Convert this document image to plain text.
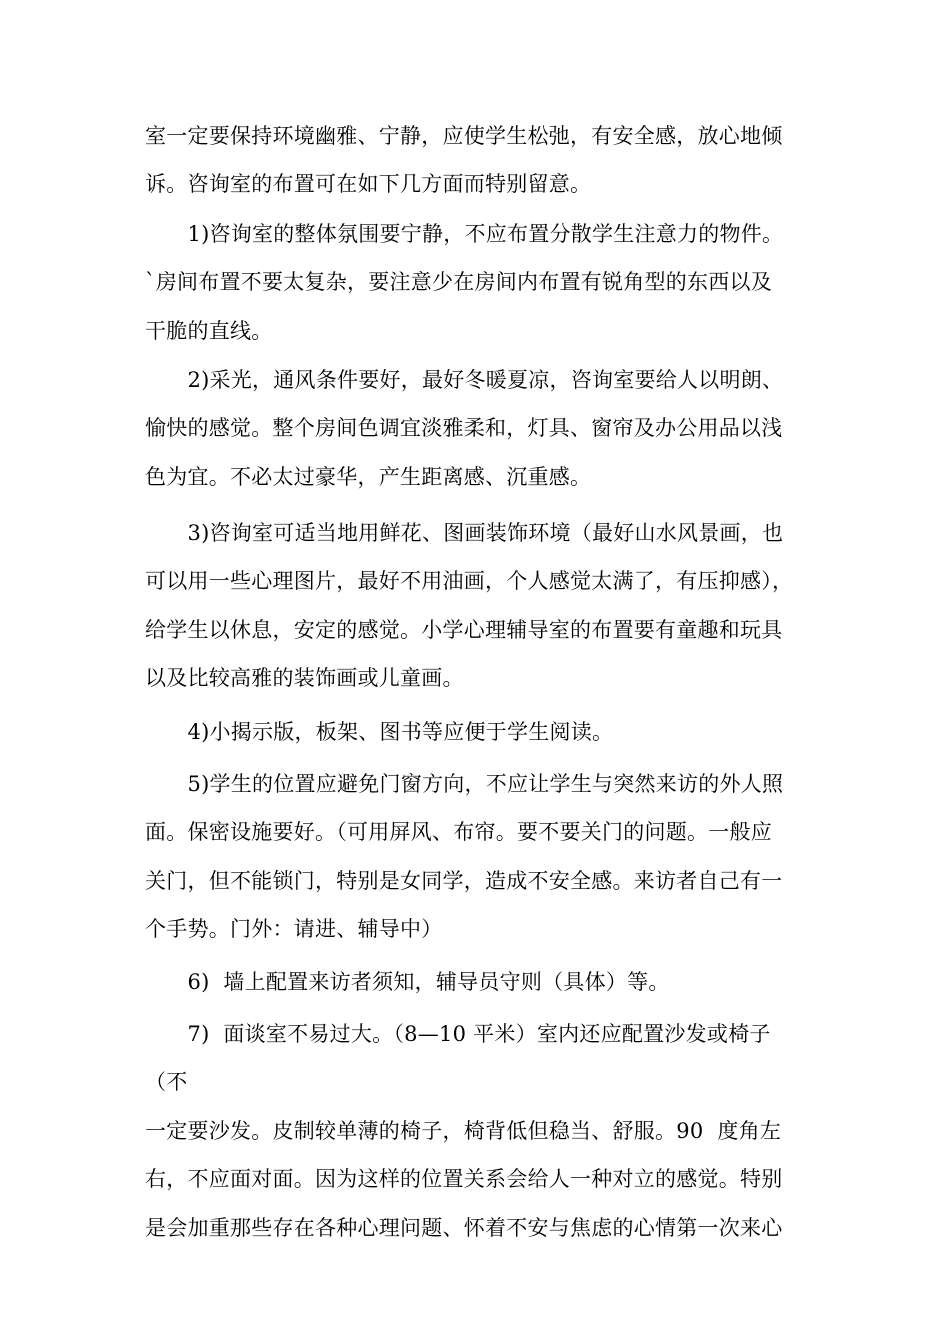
室一定要保持环境幽雅、宁静，应使学生松弛，有安全感，放心地倾
诉。咨询室的布置可在如下几方面而特别留意。

　　1)咨询室的整体氛围要宁静，不应布置分散学生注意力的物件。
`房间布置不要太复杂，要注意少在房间内布置有锐角型的东西以及
干脆的直线。

　　2)采光，通风条件要好，最好冬暖夏凉，咨询室要给人以明朗、
愉快的感觉。整个房间色调宜淡雅柔和，灯具、窗帘及办公用品以浅
色为宜。不必太过豪华，产生距离感、沉重感。

　　3)咨询室可适当地用鲜花、图画装饰环境（最好山水风景画，也
可以用一些心理图片，最好不用油画，个人感觉太满了，有压抑感），
给学生以休息，安定的感觉。小学心理辅导室的布置要有童趣和玩具
以及比较高雅的装饰画或儿童画。

　　4)小揭示版，板架、图书等应便于学生阅读。

　　5)学生的位置应避免门窗方向，不应让学生与突然来访的外人照
面。保密设施要好。（可用屏风、布帘。要不要关门的问题。一般应
关门，但不能锁门，特别是女同学，造成不安全感。来访者自己有一
个手势。门外：请进、辅导中）

　　6)  墙上配置来访者须知，辅导员守则（具体）等。

　　7)  面谈室不易过大。（8—10 平米）室内还应配置沙发或椅子（不
一定要沙发。皮制较单薄的椅子，椅背低但稳当、舒服。90  度角左
右，不应面对面。因为这样的位置关系会给人一种对立的感觉。特别
是会加重那些存在各种心理问题、怀着不安与焦虑的心情第一次来心
